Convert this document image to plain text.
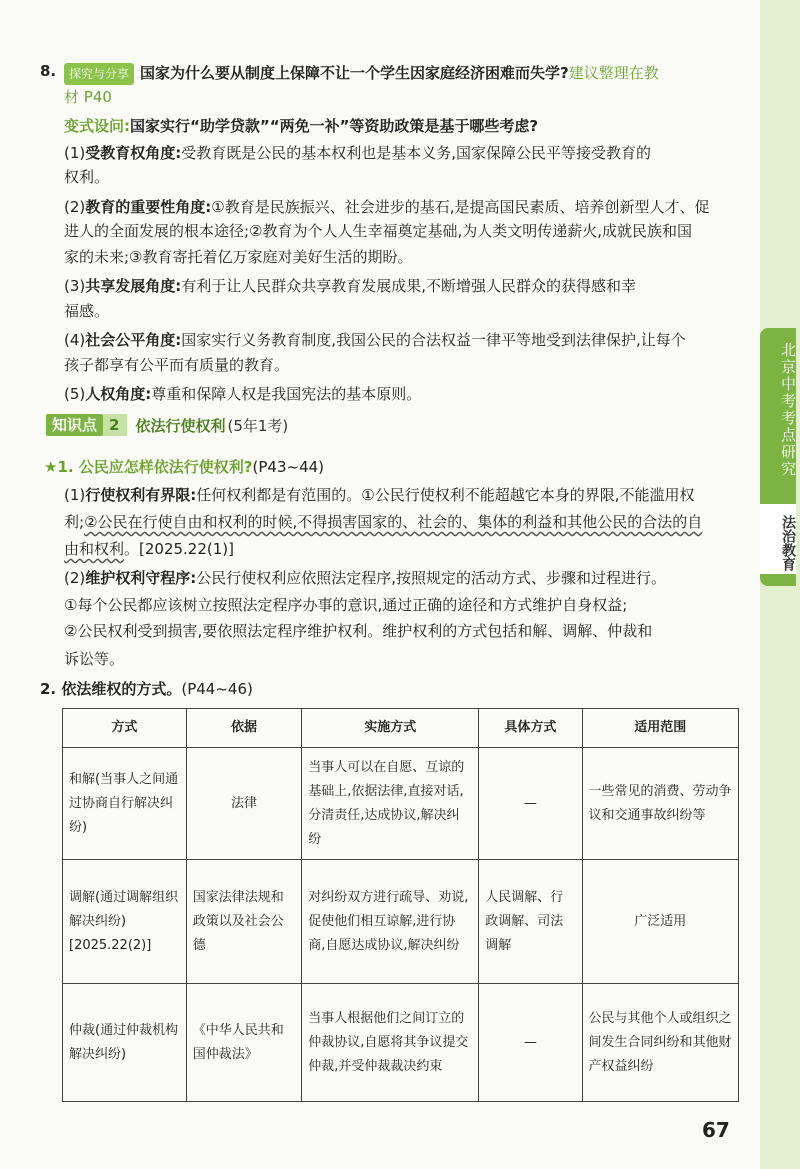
北京中考考点研究
法治教育
8.	探究与分享 国家为什么要从制度上保障不让一个学生因家庭经济困难而失学?建议整理在教
材 P40
变式设问:国家实行“助学贷款”“两免一补”等资助政策是基于哪些考虑?
(1)受教育权角度:受教育既是公民的基本权利也是基本义务,国家保障公民平等接受教育的
权利。
(2)教育的重要性角度:①教育是民族振兴、社会进步的基石,是提高国民素质、培养创新型人才、促
进人的全面发展的根本途径;②教育为个人人生幸福奠定基础,为人类文明传递薪火,成就民族和国
家的未来;③教育寄托着亿万家庭对美好生活的期盼。
(3)共享发展角度:有利于让人民群众共享教育发展成果,不断增强人民群众的获得感和幸
福感。
(4)社会公平角度:国家实行义务教育制度,我国公民的合法权益一律平等地受到法律保护,让每个
孩子都享有公平而有质量的教育。
(5)人权角度:尊重和保障人权是我国宪法的基本原则。
知识点 2	依法行使权利 (5年1考)
★1. 公民应怎样依法行使权利?(P43~44)
(1)行使权利有界限:任何权利都是有范围的。①公民行使权利不能超越它本身的界限,不能滥用权
利;②公民在行使自由和权利的时候,不得损害国家的、社会的、集体的利益和其他公民的合法的自
由和权利。[2025.22(1)]
(2)维护权利守程序:公民行使权利应依照法定程序,按照规定的活动方式、步骤和过程进行。
①每个公民都应该树立按照法定程序办事的意识,通过正确的途径和方式维护自身权益;
②公民权利受到损害,要依照法定程序维护权利。维护权利的方式包括和解、调解、仲裁和
诉讼等。
2. 依法维权的方式。(P44~46)
方式	依据	实施方式	具体方式	适用范围
和解(当事人之间通过协商自行解决纠纷)	法律	当事人可以在自愿、互谅的基础上,依据法律,直接对话,分清责任,达成协议,解决纠纷	—	一些常见的消费、劳动争议和交通事故纠纷等
调解(通过调解组织解决纠纷)[2025.22(2)]	国家法律法规和政策以及社会公德	对纠纷双方进行疏导、劝说,促使他们相互谅解,进行协商,自愿达成协议,解决纠纷	人民调解、行政调解、司法调解	广泛适用
仲裁(通过仲裁机构解决纠纷)	《中华人民共和国仲裁法》	当事人根据他们之间订立的仲裁协议,自愿将其争议提交仲裁,并受仲裁裁决约束	—	公民与其他个人或组织之间发生合同纠纷和其他财产权益纠纷
67
